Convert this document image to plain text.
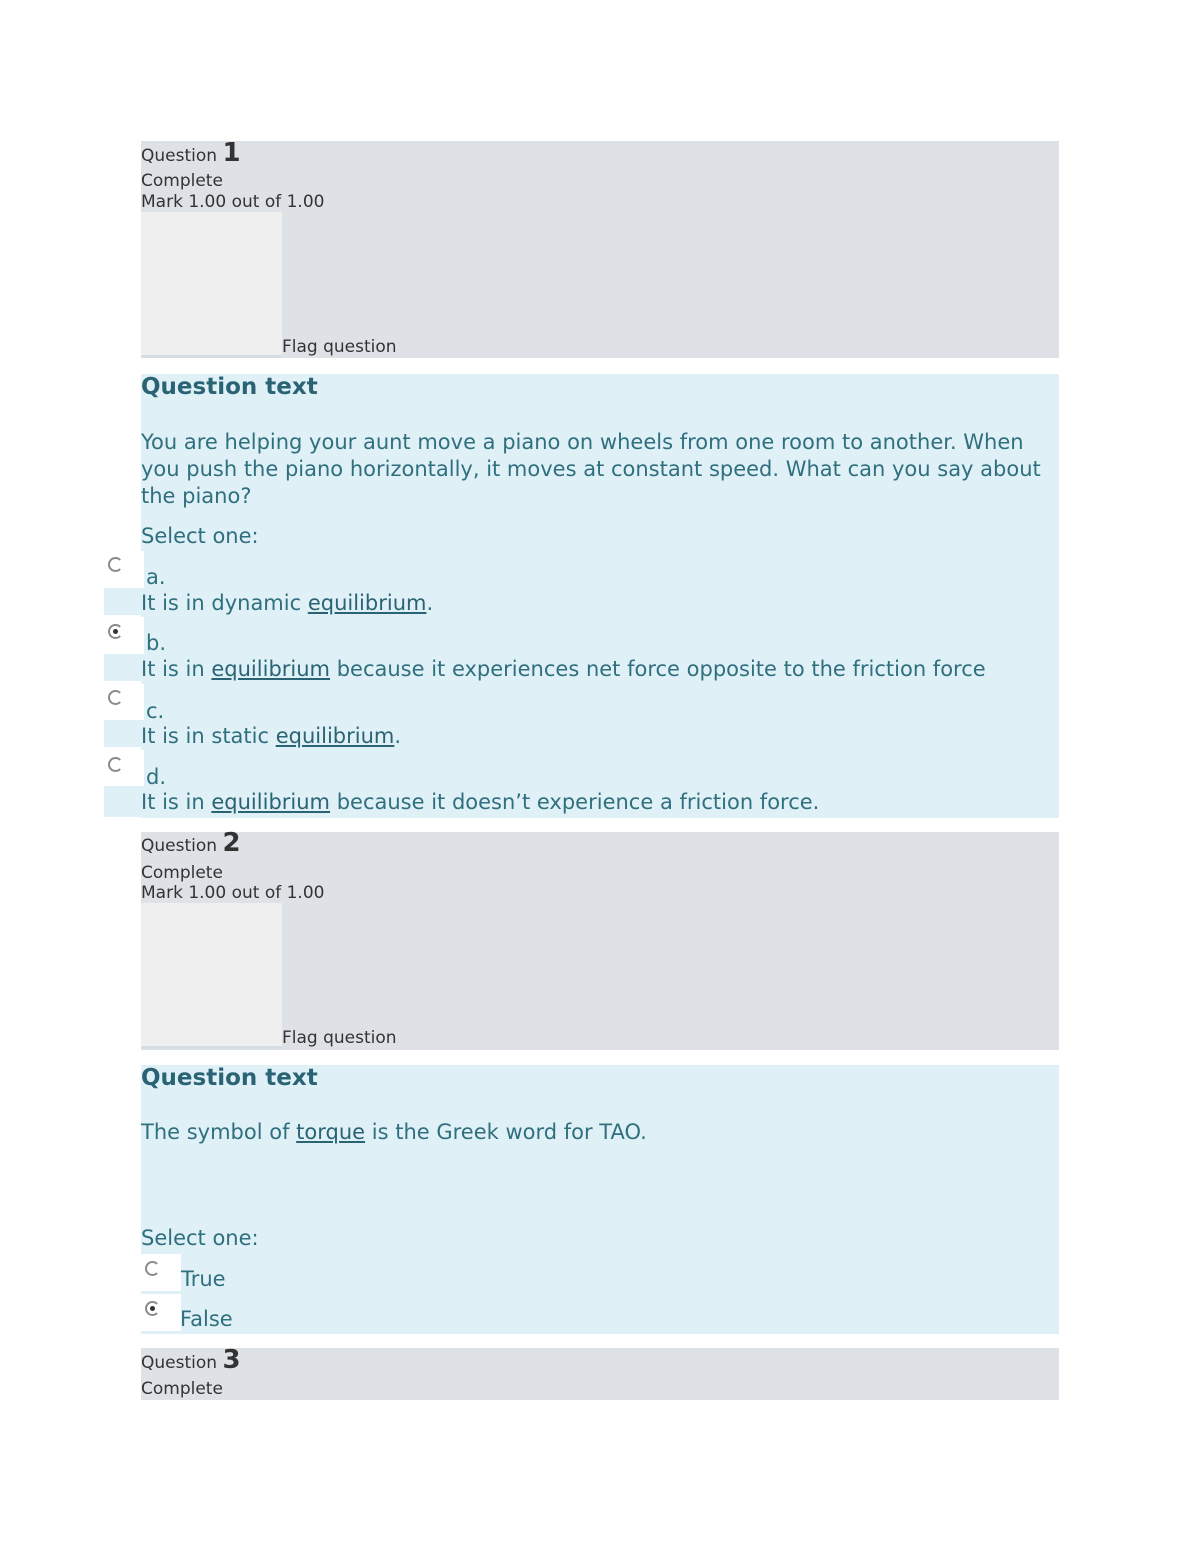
Question 1
Complete
Mark 1.00 out of 1.00
Flag question
Question text
You are helping your aunt move a piano on wheels from one room to another. When you push the piano horizontally, it moves at constant speed. What can you say about the piano?
Select one:
a.
It is in dynamic equilibrium.
b.
It is in equilibrium because it experiences net force opposite to the friction force
c.
It is in static equilibrium.
d.
It is in equilibrium because it doesn’t experience a friction force.
Question 2
Complete
Mark 1.00 out of 1.00
Flag question
Question text
The symbol of torque is the Greek word for TAO.
Select one:
True
False
Question 3
Complete
